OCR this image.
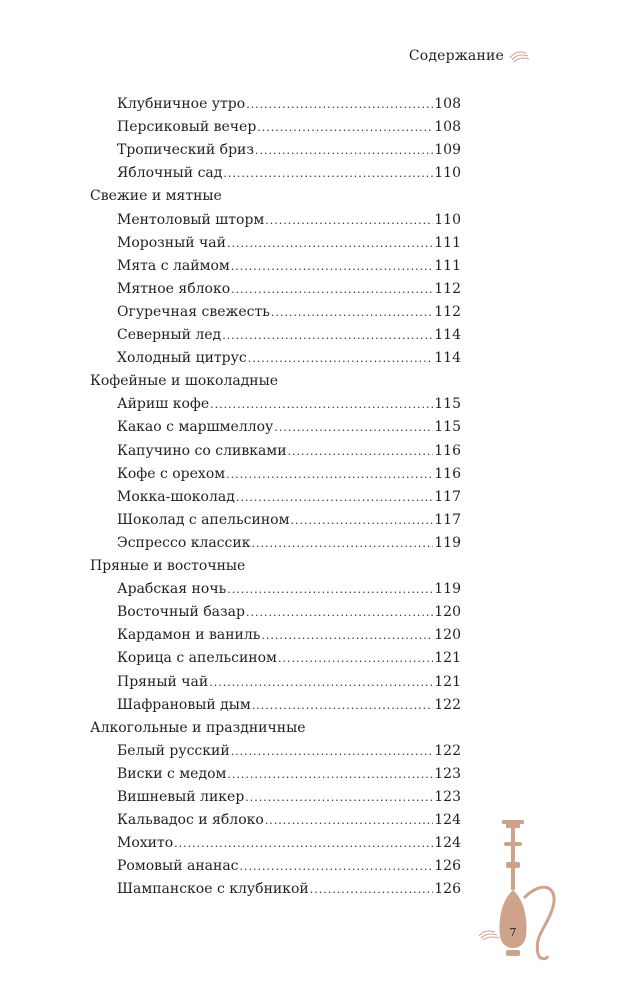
Содержание
Клубничное утро .....	108
Персиковый вечер .....	108
Тропический бриз .....	109
Яблочный сад .....	110
Свежие и мятные
Ментоловый шторм .....	110
Морозный чай .....	111
Мята с лаймом .....	111
Мятное яблоко .....	112
Огуречная свежесть .....	112
Северный лед .....	114
Холодный цитрус .....	114
Кофейные и шоколадные
Айриш кофе .....	115
Какао с маршмеллоу .....	115
Капучино со сливками .....	116
Кофе с орехом .....	116
Мокка-шоколад .....	117
Шоколад с апельсином .....	117
Эспрессо классик .....	119
Пряные и восточные
Арабская ночь .....	119
Восточный базар .....	120
Кардамон и ваниль .....	120
Корица с апельсином .....	121
Пряный чай .....	121
Шафрановый дым .....	122
Алкогольные и праздничные
Белый русский .....	122
Виски с медом .....	123
Вишневый ликер .....	123
Кальвадос и яблоко .....	124
Мохито .....	124
Ромовый ананас .....	126
Шампанское с клубникой .....	126
7
